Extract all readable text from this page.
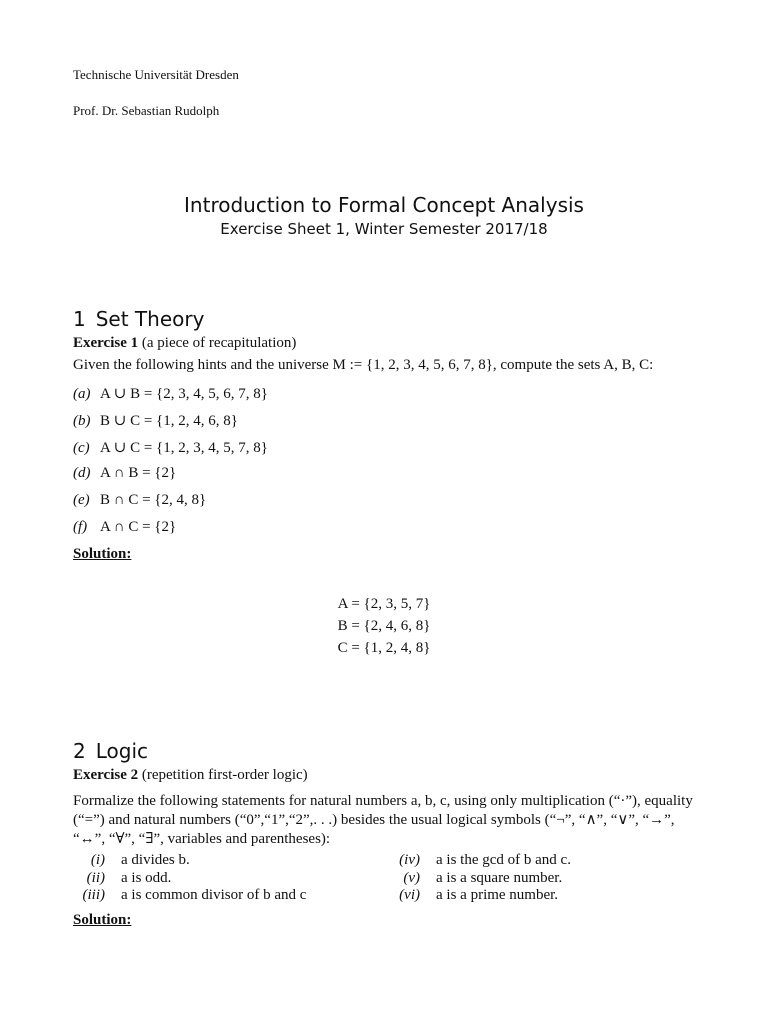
Technische Universität Dresden
Prof. Dr. Sebastian Rudolph
Introduction to Formal Concept Analysis
Exercise Sheet 1, Winter Semester 2017/18
1 Set Theory
Exercise 1 (a piece of recapitulation)
Given the following hints and the universe M := {1, 2, 3, 4, 5, 6, 7, 8}, compute the sets A, B, C:
(a) A ∪ B = {2, 3, 4, 5, 6, 7, 8}
(b) B ∪ C = {1, 2, 4, 6, 8}
(c) A ∪ C = {1, 2, 3, 4, 5, 7, 8}
(d) A ∩ B = {2}
(e) B ∩ C = {2, 4, 8}
(f) A ∩ C = {2}
Solution:
A = {2, 3, 5, 7}
B = {2, 4, 6, 8}
C = {1, 2, 4, 8}
2 Logic
Exercise 2 (repetition first-order logic)
Formalize the following statements for natural numbers a, b, c, using only multiplication (“·”), equality (“=”) and natural numbers (“0”,“1”,“2”,. . .) besides the usual logical symbols (“¬”, “∧”, “∨”, “→”, “↔”, “∀”, “∃”, variables and parentheses):
(i) a divides b.
(ii) a is odd.
(iii) a is common divisor of b and c
(iv) a is the gcd of b and c.
(v) a is a square number.
(vi) a is a prime number.
Solution:
